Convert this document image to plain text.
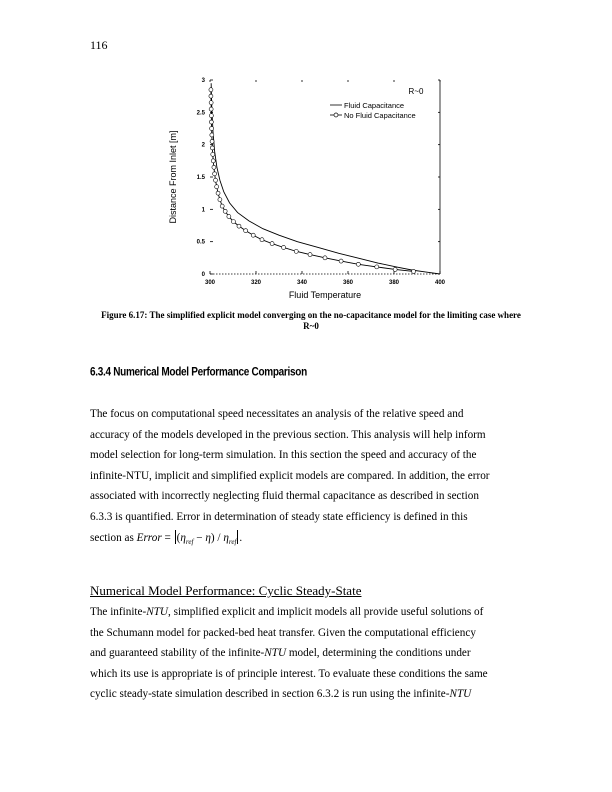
116
300	320	340	360	380	400
0
0.5
1
1.5
2
2.5
3
Fluid Temperature
Distance From Inlet [m]
R~0
Fluid Capacitance
No Fluid Capacitance
Figure 6.17: The simplified explicit model converging on the no-capacitance model for the limiting case where R~0
6.3.4 Numerical Model Performance Comparison

The focus on computational speed necessitates an analysis of the relative speed and
accuracy of the models developed in the previous section. This analysis will help inform
model selection for long-term simulation. In this section the speed and accuracy of the
infinite-NTU, implicit and simplified explicit models are compared. In addition, the error
associated with incorrectly neglecting fluid thermal capacitance as described in section
6.3.3 is quantified. Error in determination of steady state efficiency is defined in this
section as Error = $(\eta_{ref} - \eta) / \eta_{ref}$ .

Numerical Model Performance: Cyclic Steady-State

The infinite-NTU, simplified explicit and implicit models all provide useful solutions of
the Schumann model for packed-bed heat transfer. Given the computational efficiency
and guaranteed stability of the infinite-NTU model, determining the conditions under
which its use is appropriate is of principle interest. To evaluate these conditions the same
cyclic steady-state simulation described in section 6.3.2 is run using the infinite-NTU
